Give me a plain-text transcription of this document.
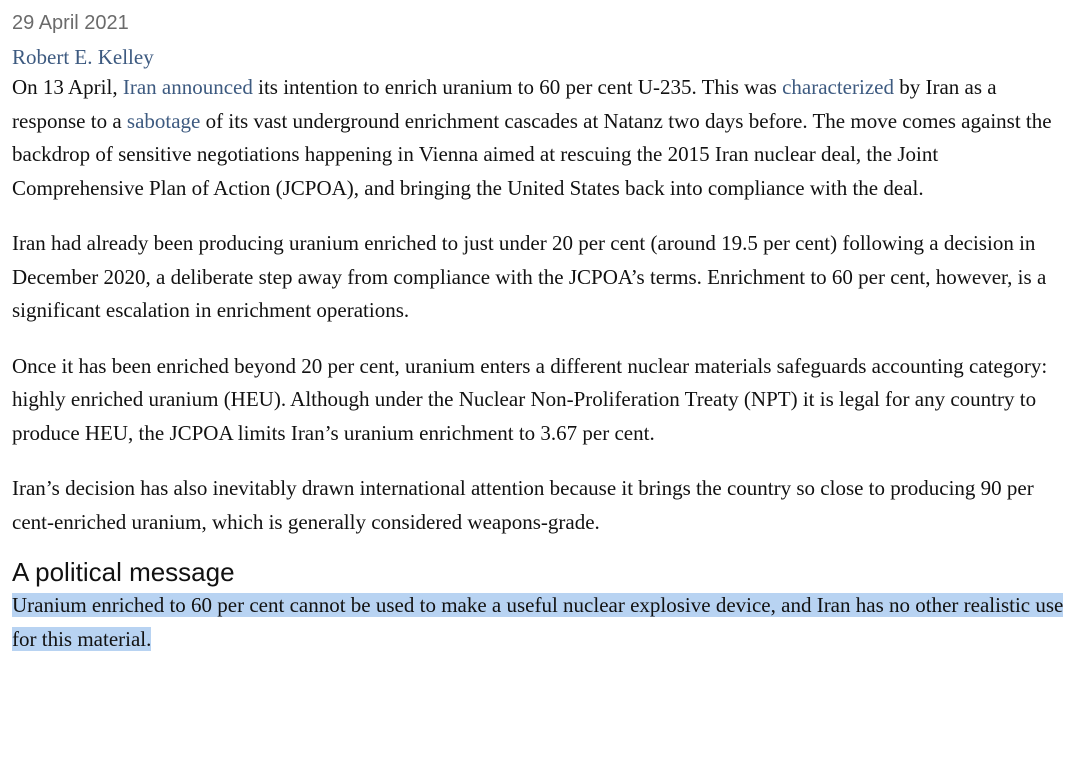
29 April 2021
Robert E. Kelley

On 13 April, Iran announced its intention to enrich uranium to 60 per cent U-235. This was characterized by Iran as a response to a sabotage of its vast underground enrichment cascades at Natanz two days before. The move comes against the backdrop of sensitive negotiations happening in Vienna aimed at rescuing the 2015 Iran nuclear deal, the Joint Comprehensive Plan of Action (JCPOA), and bringing the United States back into compliance with the deal.

Iran had already been producing uranium enriched to just under 20 per cent (around 19.5 per cent) following a decision in December 2020, a deliberate step away from compliance with the JCPOA’s terms. Enrichment to 60 per cent, however, is a significant escalation in enrichment operations.

Once it has been enriched beyond 20 per cent, uranium enters a different nuclear materials safeguards accounting category: highly enriched uranium (HEU). Although under the Nuclear Non-Proliferation Treaty (NPT) it is legal for any country to produce HEU, the JCPOA limits Iran’s uranium enrichment to 3.67 per cent.

Iran’s decision has also inevitably drawn international attention because it brings the country so close to producing 90 per cent-enriched uranium, which is generally considered weapons-grade.

A political message

Uranium enriched to 60 per cent cannot be used to make a useful nuclear explosive device, and Iran has no other realistic use for this material.
